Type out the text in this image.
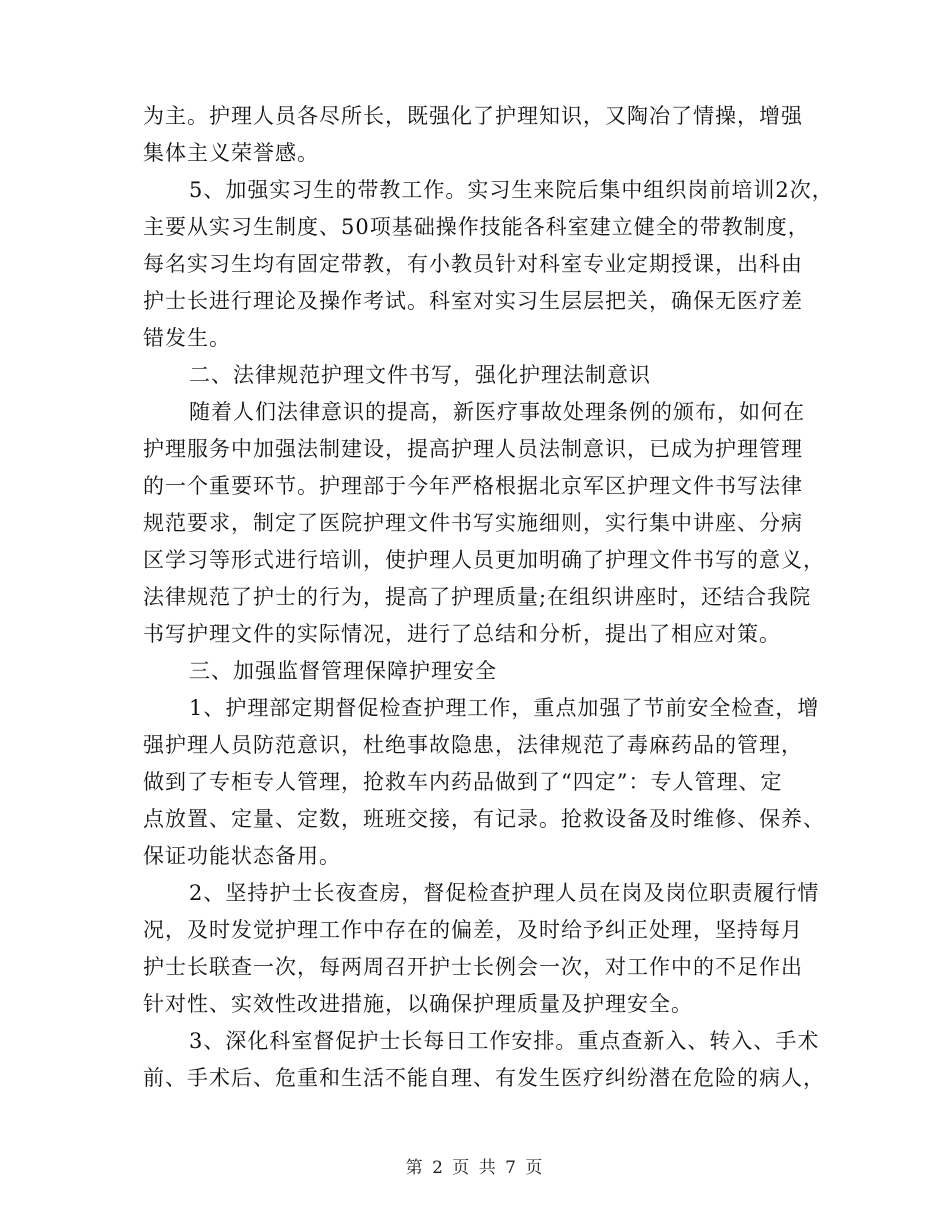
为主。护理人员各尽所长，既强化了护理知识，又陶冶了情操，增强
集体主义荣誉感。
5、加强实习生的带教工作。实习生来院后集中组织岗前培训2次，
主要从实习生制度、50项基础操作技能各科室建立健全的带教制度，
每名实习生均有固定带教，有小教员针对科室专业定期授课，出科由
护士长进行理论及操作考试。科室对实习生层层把关，确保无医疗差
错发生。
二、法律规范护理文件书写，强化护理法制意识
随着人们法律意识的提高，新医疗事故处理条例的颁布，如何在
护理服务中加强法制建设，提高护理人员法制意识，已成为护理管理
的一个重要环节。护理部于今年严格根据北京军区护理文件书写法律
规范要求，制定了医院护理文件书写实施细则，实行集中讲座、分病
区学习等形式进行培训，使护理人员更加明确了护理文件书写的意义，
法律规范了护士的行为，提高了护理质量;在组织讲座时，还结合我院
书写护理文件的实际情况，进行了总结和分析，提出了相应对策。
三、加强监督管理保障护理安全
1、护理部定期督促检查护理工作，重点加强了节前安全检查，增
强护理人员防范意识，杜绝事故隐患，法律规范了毒麻药品的管理，
做到了专柜专人管理，抢救车内药品做到了“四定”：专人管理、定
点放置、定量、定数，班班交接，有记录。抢救设备及时维修、保养、
保证功能状态备用。
2、坚持护士长夜查房，督促检查护理人员在岗及岗位职责履行情
况，及时发觉护理工作中存在的偏差，及时给予纠正处理，坚持每月
护士长联查一次，每两周召开护士长例会一次，对工作中的不足作出
针对性、实效性改进措施，以确保护理质量及护理安全。
3、深化科室督促护士长每日工作安排。重点查新入、转入、手术
前、手术后、危重和生活不能自理、有发生医疗纠纷潜在危险的病人，
第 2 页 共 7 页
